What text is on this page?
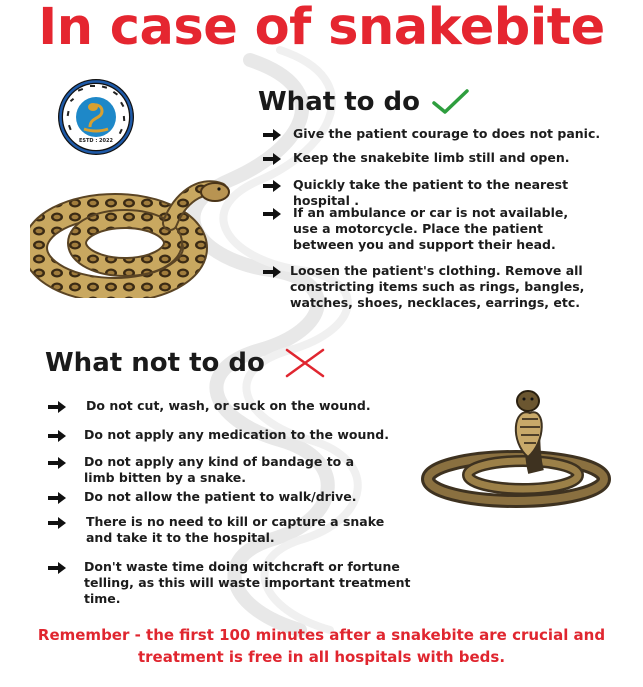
In case of snakebite
ESTD : 2022
What to do
Give the patient courage to does not panic.
Keep the snakebite limb still and open.
Quickly take the patient to the nearest hospital .
If an ambulance or car is not available, use a motorcycle. Place the patient between you and support their head.
Loosen the patient's clothing. Remove all constricting items such as rings, bangles, watches, shoes, necklaces, earrings, etc.
What not to do
Do not cut, wash, or suck on the wound.
Do not apply any medication to the wound.
Do not apply any kind of bandage to a limb bitten by a snake.
Do not allow the patient to walk/drive.
There is no need to kill or capture a snake and take it to the hospital.
Don't waste time doing witchcraft or fortune telling, as this will waste important treatment time.
Remember - the first 100 minutes after a snakebite are crucial and treatment is free in all hospitals with beds.
